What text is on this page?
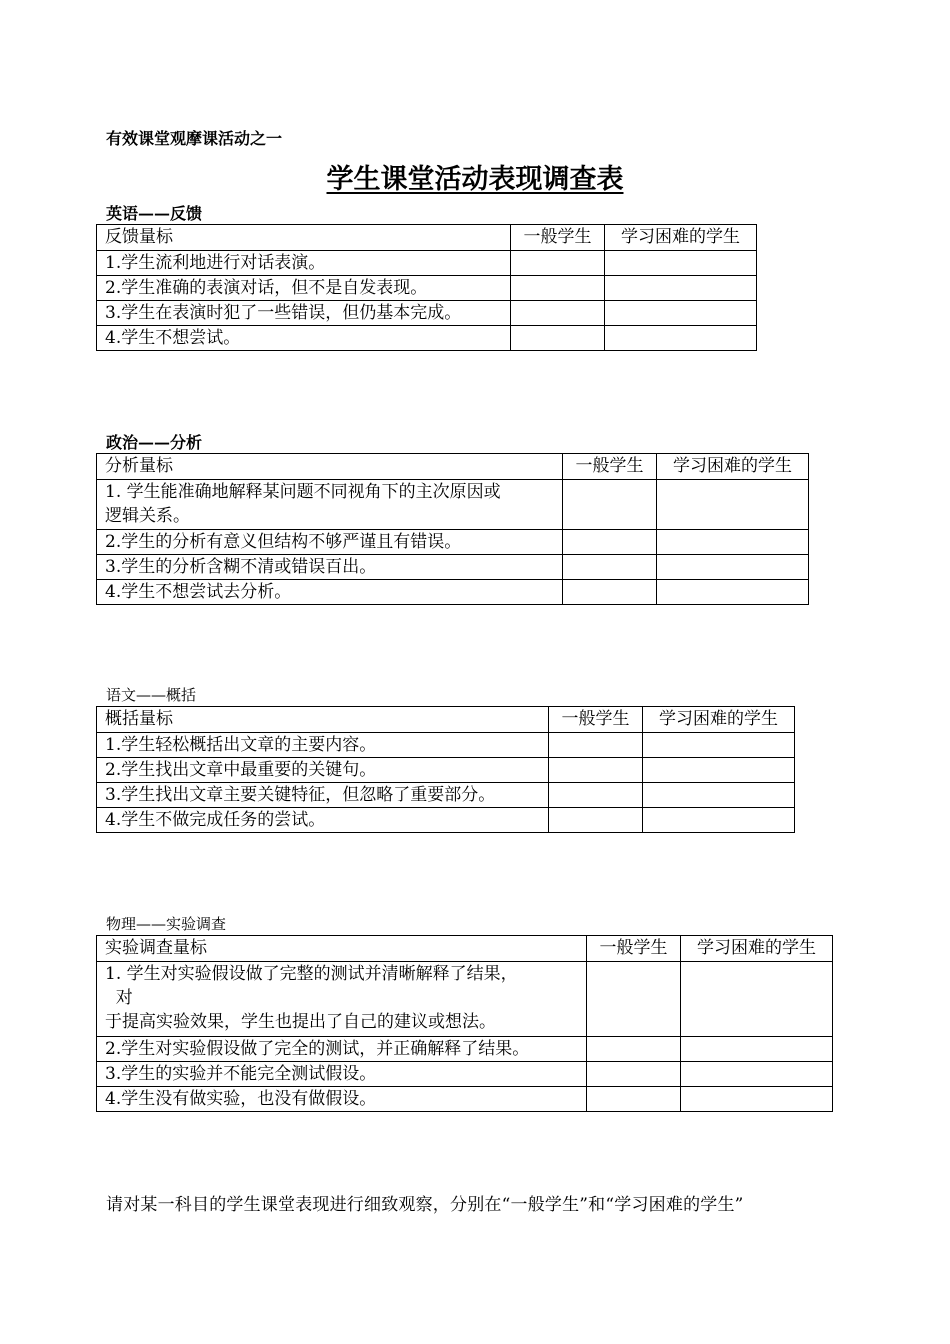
有效课堂观摩课活动之一
学生课堂活动表现调查表
英语——反馈
反馈量标	一般学生	学习困难的学生
1.学生流利地进行对话表演。		
2.学生准确的表演对话，但不是自发表现。		
3.学生在表演时犯了一些错误，但仍基本完成。		
4.学生不想尝试。		
政治——分析
分析量标	一般学生	学习困难的学生

1. 学生能准确地解释某问题不同视角下的主次原因或
逻辑关系。		

2.学生的分析有意义但结构不够严谨且有错误。		
3.学生的分析含糊不清或错误百出。		
4.学生不想尝试去分析。		
语文——概括
概括量标	一般学生	学习困难的学生
1.学生轻松概括出文章的主要内容。		
2.学生找出文章中最重要的关键句。		
3.学生找出文章主要关键特征，但忽略了重要部分。		
4.学生不做完成任务的尝试。		
物理——实验调查
实验调查量标	一般学生	学习困难的学生

1. 学生对实验假设做了完整的测试并清晰解释了结果，
对
于提高实验效果，学生也提出了自己的建议或想法。		

2.学生对实验假设做了完全的测试，并正确解释了结果。		
3.学生的实验并不能完全测试假设。		
4.学生没有做实验，也没有做假设。		
请对某一科目的学生课堂表现进行细致观察，分别在“一般学生”和“学习困难的学生”
